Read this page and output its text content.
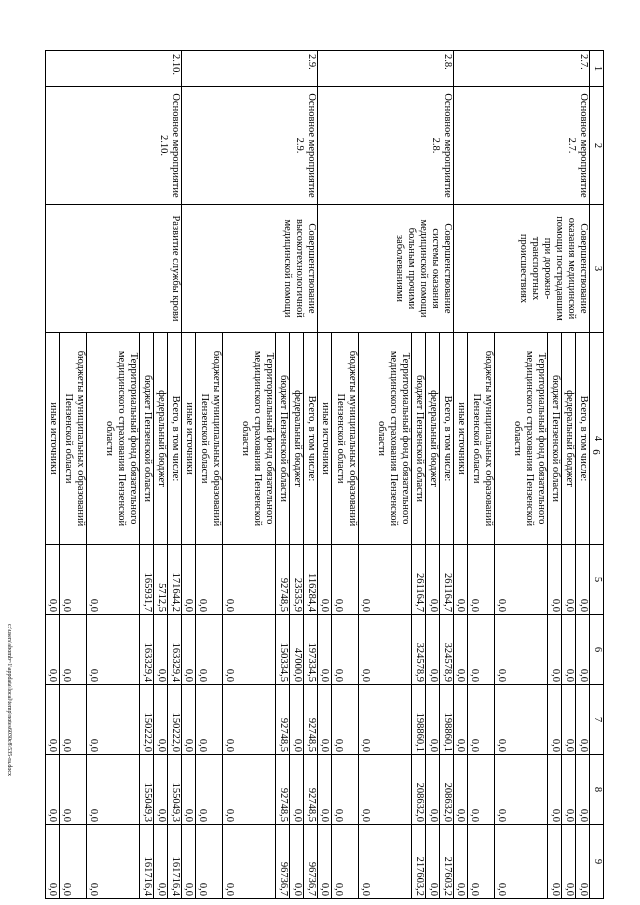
6
c:\users\sbomb~1\appdata\local\temp\notes6030c8\535-ra.docx
1	2	3	4	5	6	7	8	9
2.7.	Основное мероприятие 2.7.	Совершенствование оказания медицинской помощи пострадавшим при дорожно-транспортных происшествиях	Всего, в том числе:	0,0	0,0	0,0	0,0	0,0
			федеральный бюджет	0,0	0,0	0,0	0,0	0,0
			бюджет Пензенской области	0,0	0,0	0,0	0,0	0,0
			Территориальный фонд обязательного медицинского страхования Пензенской области	0,0	0,0	0,0	0,0	0,0
			бюджеты муниципальных образований Пензенской области	0,0	0,0	0,0	0,0	0,0
			иные источники	0,0	0,0	0,0	0,0	0,0
2.8.	Основное мероприятие 2.8.	Совершенствование системы оказания медицинской помощи больным прочими заболеваниями	Всего, в том числе:	261164,7	324578,9	198860,1	208632,0	217603,2
			федеральный бюджет	0,0	0,0	0,0	0,0	0,0
			бюджет Пензенской области	261164,7	324578,9	198860,1	208632,0	217603,2
			Территориальный фонд обязательного медицинского страхования Пензенской области	0,0	0,0	0,0	0,0	0,0
			бюджеты муниципальных образований Пензенской области	0,0	0,0	0,0	0,0	0,0
			иные источники	0,0	0,0	0,0	0,0	0,0
2.9.	Основное мероприятие 2.9.	Совершенствование высокотехнологичной медицинской помощи	Всего, в том числе:	116284,4	197334,5	92748,5	92748,5	96736,7
			федеральный бюджет	23535,9	47000,0	0,0	0,0	0,0
			бюджет Пензенской области	92748,5	150334,5	92748,5	92748,5	96736,7
			Территориальный фонд обязательного медицинского страхования Пензенской области	0,0	0,0	0,0	0,0	0,0
			бюджеты муниципальных образований Пензенской области	0,0	0,0	0,0	0,0	0,0
			иные источники	0,0	0,0	0,0	0,0	0,0
2.10.	Основное мероприятие 2.10.	Развитие службы крови	Всего, в том числе:	171644,2	163329,4	150222,0	155049,3	161716,4
			федеральный бюджет	5712,5	0,0	0,0	0,0	0,0
			бюджет Пензенской области	165931,7	163329,4	150222,0	155049,3	161716,4
			Территориальный фонд обязательного медицинского страхования Пензенской области	0,0	0,0	0,0	0,0	0,0
			бюджеты муниципальных образований Пензенской области	0,0	0,0	0,0	0,0	0,0
			иные источники	0,0	0,0	0,0	0,0	0,0
